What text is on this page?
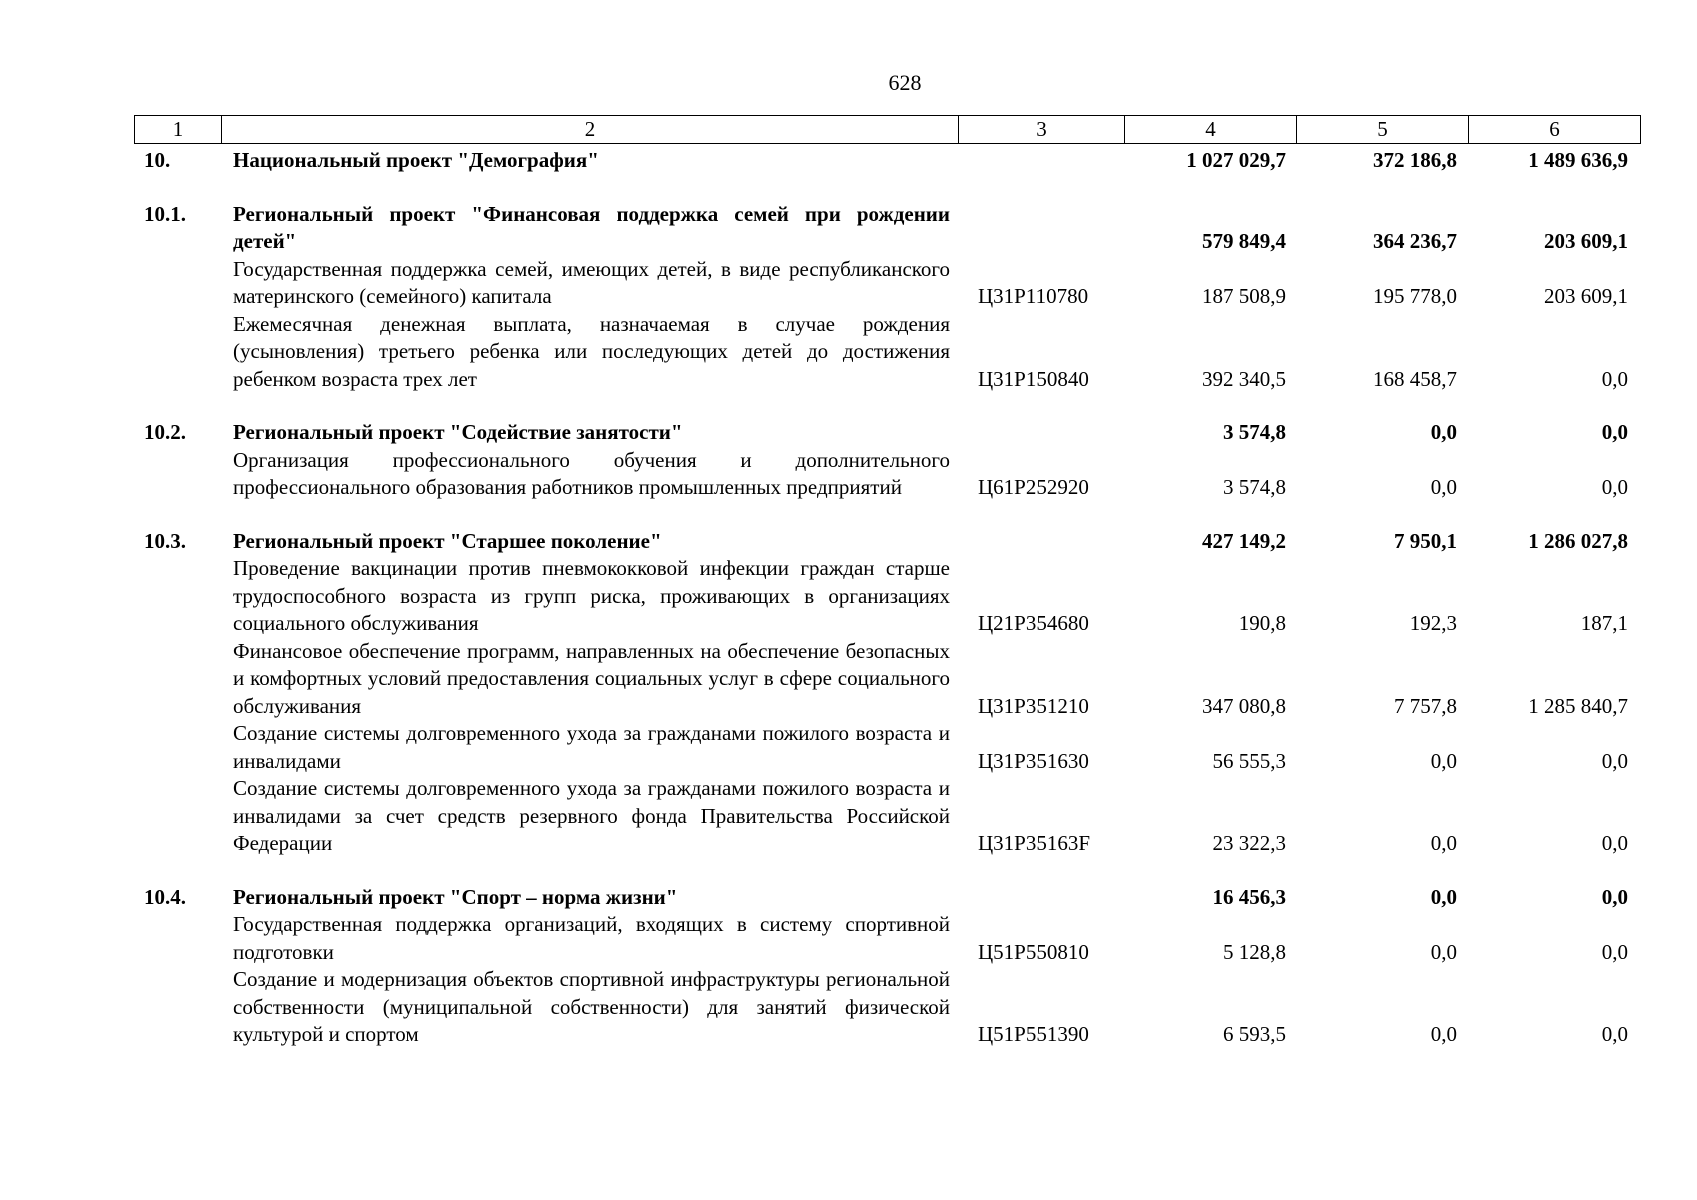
628
1	2	3	4	5	6
10.	Национальный проект "Демография"		1 027 029,7	372 186,8	1 489 636,9

10.1.	Региональный проект "Финансовая поддержка семей при рождении детей"		579 849,4	364 236,7	203 609,1
	Государственная поддержка семей, имеющих детей, в виде республиканского материнского (семейного) капитала	Ц31P110780	187 508,9	195 778,0	203 609,1
	Ежемесячная денежная выплата, назначаемая в случае рождения (усыновления) третьего ребенка или последующих детей до достижения ребенком возраста трех лет	Ц31P150840	392 340,5	168 458,7	0,0

10.2.	Региональный проект "Содействие занятости"		3 574,8	0,0	0,0
	Организация профессионального обучения и дополнительного профессионального образования работников промышленных предприятий	Ц61P252920	3 574,8	0,0	0,0

10.3.	Региональный проект "Старшее поколение"		427 149,2	7 950,1	1 286 027,8
	Проведение вакцинации против пневмококковой инфекции граждан старше трудоспособного возраста из групп риска, проживающих в организациях социального обслуживания	Ц21P354680	190,8	192,3	187,1
	Финансовое обеспечение программ, направленных на обеспечение безопасных и комфортных условий предоставления социальных услуг в сфере социального обслуживания	Ц31P351210	347 080,8	7 757,8	1 285 840,7
	Создание системы долговременного ухода за гражданами пожилого возраста и инвалидами	Ц31P351630	56 555,3	0,0	0,0
	Создание системы долговременного ухода за гражданами пожилого возраста и инвалидами за счет средств резервного фонда Правительства Российской Федерации	Ц31P35163F	23 322,3	0,0	0,0

10.4.	Региональный проект "Спорт – норма жизни"		16 456,3	0,0	0,0
	Государственная поддержка организаций, входящих в систему спортивной подготовки	Ц51P550810	5 128,8	0,0	0,0
	Создание и модернизация объектов спортивной инфраструктуры региональной собственности (муниципальной собственности) для занятий физической культурой и спортом	Ц51P551390	6 593,5	0,0	0,0
